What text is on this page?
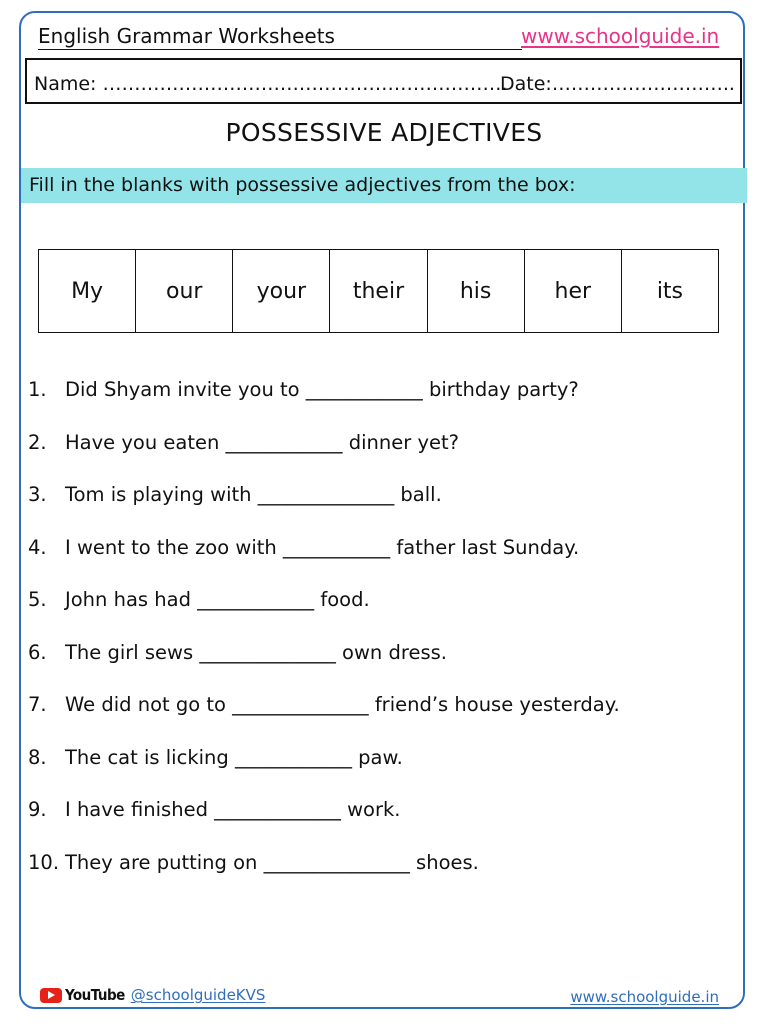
English Grammar Worksheets	www.schoolguide.in
Name: ……………………………………………………….
Date:………………………..
POSSESSIVE ADJECTIVES
Fill in the blanks with possessive adjectives from the box:
My	our	your	their	his	her	its
1. Did Shyam invite you to ____________ birthday party?
2. Have you eaten ____________ dinner yet?
3. Tom is playing with ______________ ball.
4. I went to the zoo with ___________ father last Sunday.
5. John has had ____________ food.
6. The girl sews ______________ own dress.
7. We did not go to ______________ friend’s house yesterday.
8. The cat is licking ____________ paw.
9. I have finished _____________ work.
10. They are putting on _______________ shoes.
YouTube @schoolguideKVS	www.schoolguide.in
